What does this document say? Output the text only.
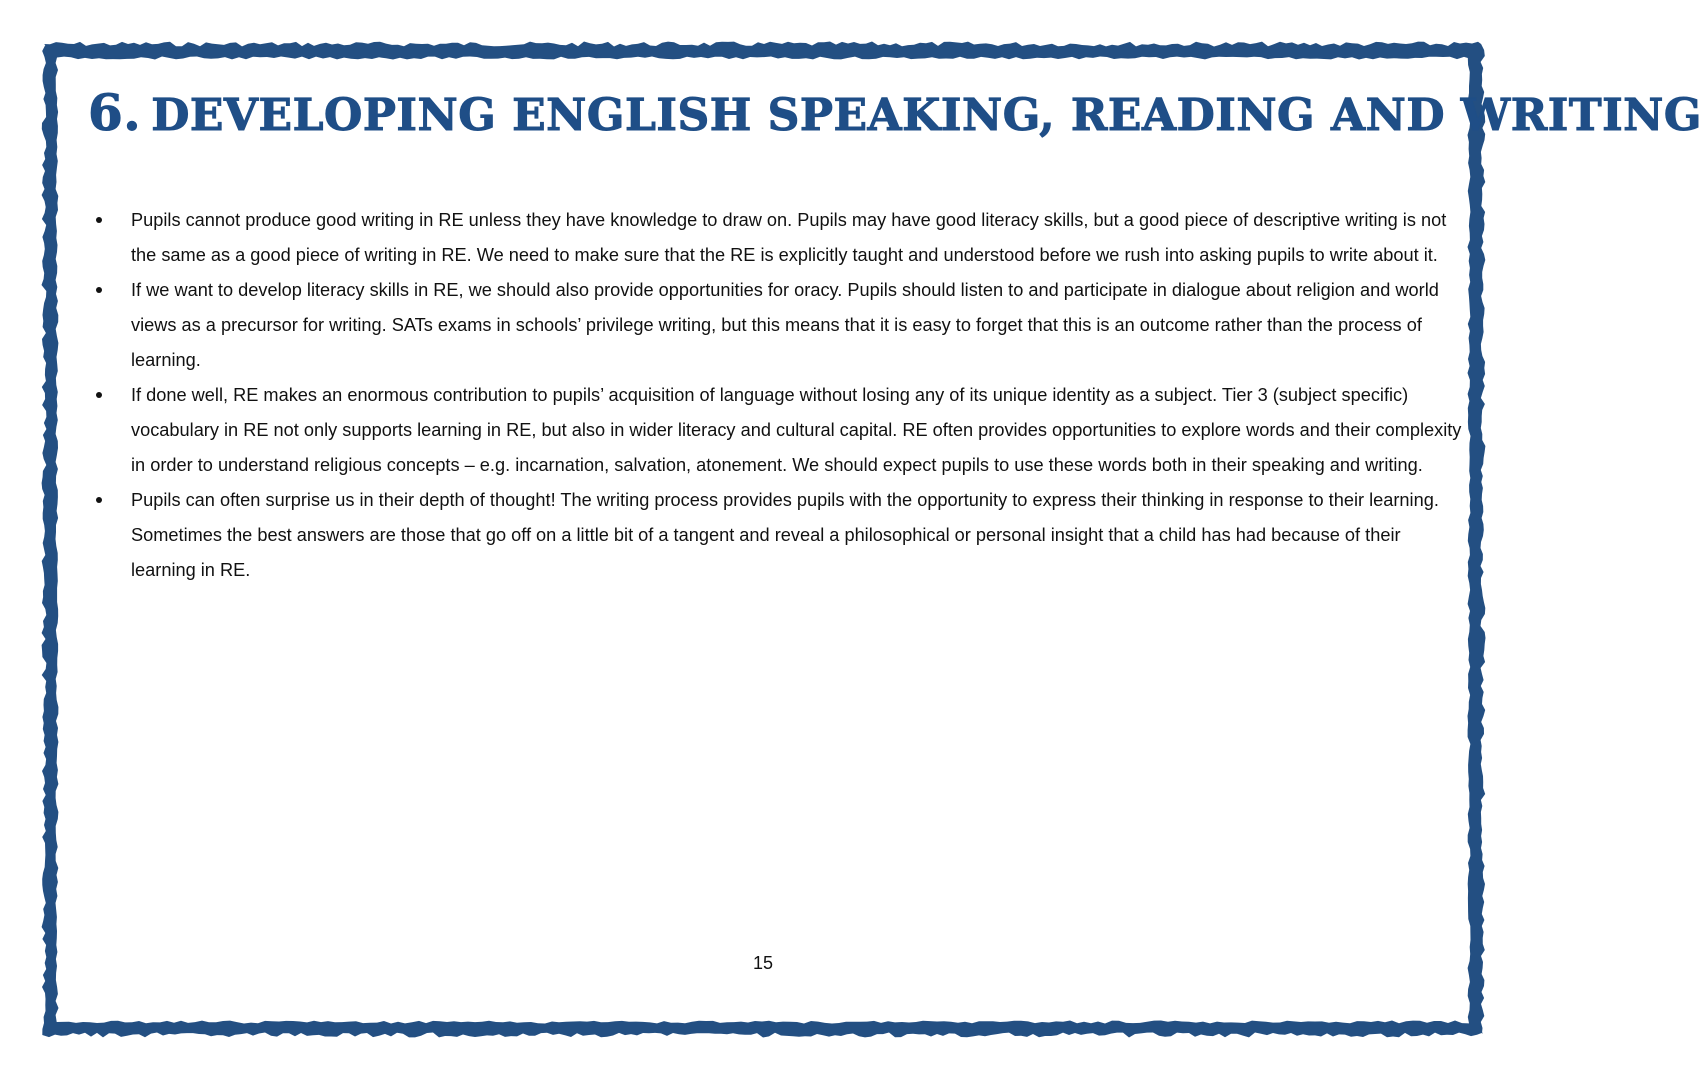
6. DEVELOPING ENGLISH SPEAKING, READING AND WRITING
Pupils cannot produce good writing in RE unless they have knowledge to draw on. Pupils may have good literacy skills, but a good piece of descriptive writing is not the same as a good piece of writing in RE. We need to make sure that the RE is explicitly taught and understood before we rush into asking pupils to write about it.
If we want to develop literacy skills in RE, we should also provide opportunities for oracy. Pupils should listen to and participate in dialogue about religion and world views as a precursor for writing. SATs exams in schools’ privilege writing, but this means that it is easy to forget that this is an outcome rather than the process of learning.
If done well, RE makes an enormous contribution to pupils’ acquisition of language without losing any of its unique identity as a subject. Tier 3 (subject specific) vocabulary in RE not only supports learning in RE, but also in wider literacy and cultural capital. RE often provides opportunities to explore words and their complexity in order to understand religious concepts – e.g. incarnation, salvation, atonement. We should expect pupils to use these words both in their speaking and writing.
Pupils can often surprise us in their depth of thought! The writing process provides pupils with the opportunity to express their thinking in response to their learning. Sometimes the best answers are those that go off on a little bit of a tangent and reveal a philosophical or personal insight that a child has had because of their learning in RE.
15
